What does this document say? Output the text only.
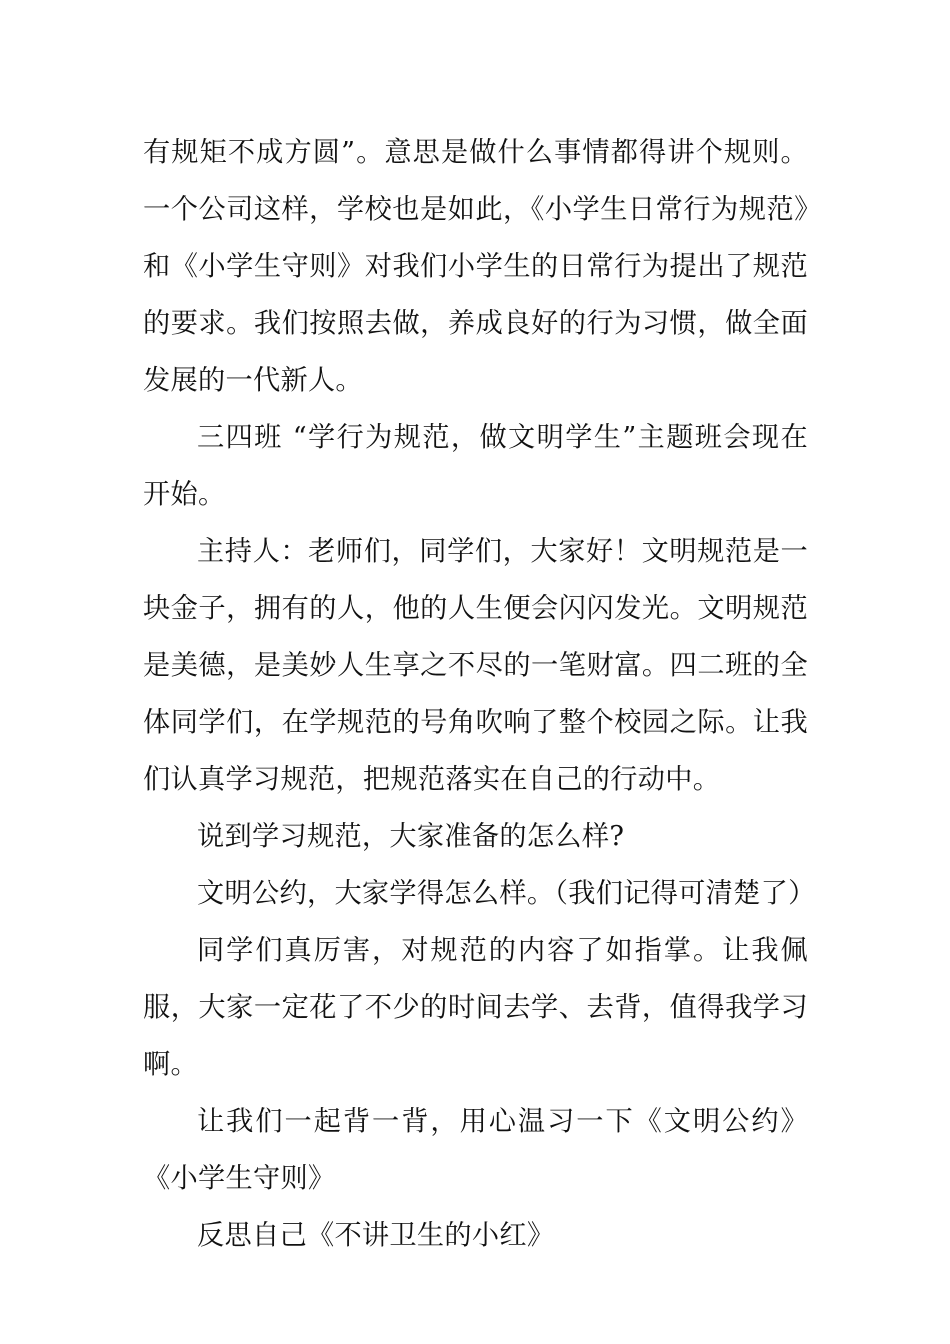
有规矩不成方圆”。意思是做什么事情都得讲个规则。一个公司这样，学校也是如此，《小学生日常行为规范》和《小学生守则》对我们小学生的日常行为提出了规范的要求。我们按照去做，养成良好的行为习惯，做全面发展的一代新人。

三四班 “学行为规范，做文明学生”主题班会现在开始。

主持人：老师们，同学们，大家好！文明规范是一块金子，拥有的人，他的人生便会闪闪发光。文明规范是美德，是美妙人生享之不尽的一笔财富。四二班的全体同学们，在学规范的号角吹响了整个校园之际。让我们认真学习规范，把规范落实在自己的行动中。

说到学习规范，大家准备的怎么样?

文明公约，大家学得怎么样。（我们记得可清楚了）

同学们真厉害，对规范的内容了如指掌。让我佩服，大家一定花了不少的时间去学、去背，值得我学习啊。

让我们一起背一背，用心温习一下《文明公约》《小学生守则》

反思自己《不讲卫生的小红》
